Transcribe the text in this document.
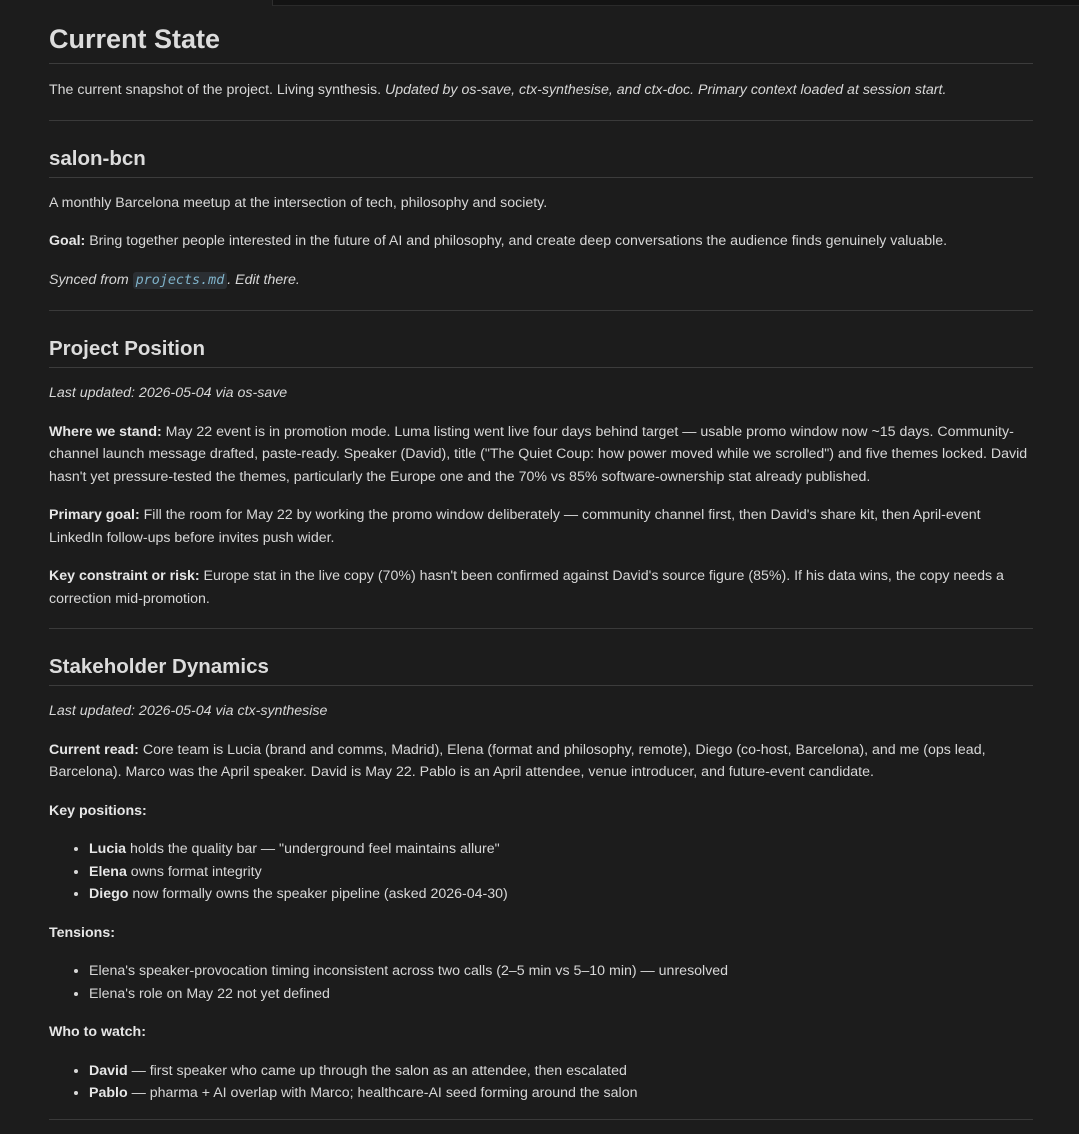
Current State

The current snapshot of the project. Living synthesis. Updated by os-save, ctx-synthesise, and ctx-doc. Primary context loaded at session start.

salon-bcn

A monthly Barcelona meetup at the intersection of tech, philosophy and society.

Goal: Bring together people interested in the future of AI and philosophy, and create deep conversations the audience finds genuinely valuable.

Synced from projects.md . Edit there.

Project Position

Last updated: 2026-05-04 via os-save

Where we stand: May 22 event is in promotion mode. Luma listing went live four days behind target — usable promo window now ~15 days. Community-channel launch message drafted, paste-ready. Speaker (David), title ("The Quiet Coup: how power moved while we scrolled") and five themes locked. David hasn't yet pressure-tested the themes, particularly the Europe one and the 70% vs 85% software-ownership stat already published.

Primary goal: Fill the room for May 22 by working the promo window deliberately — community channel first, then David's share kit, then April-event LinkedIn follow-ups before invites push wider.

Key constraint or risk: Europe stat in the live copy (70%) hasn't been confirmed against David's source figure (85%). If his data wins, the copy needs a correction mid-promotion.

Stakeholder Dynamics

Last updated: 2026-05-04 via ctx-synthesise

Current read: Core team is Lucia (brand and comms, Madrid), Elena (format and philosophy, remote), Diego (co-host, Barcelona), and me (ops lead, Barcelona). Marco was the April speaker. David is May 22. Pablo is an April attendee, venue introducer, and future-event candidate.

Key positions:

• Lucia holds the quality bar — "underground feel maintains allure"
• Elena owns format integrity
• Diego now formally owns the speaker pipeline (asked 2026-04-30)

Tensions:

• Elena's speaker-provocation timing inconsistent across two calls (2–5 min vs 5–10 min) — unresolved
• Elena's role on May 22 not yet defined

Who to watch:

• David — first speaker who came up through the salon as an attendee, then escalated
• Pablo — pharma + AI overlap with Marco; healthcare-AI seed forming around the salon
